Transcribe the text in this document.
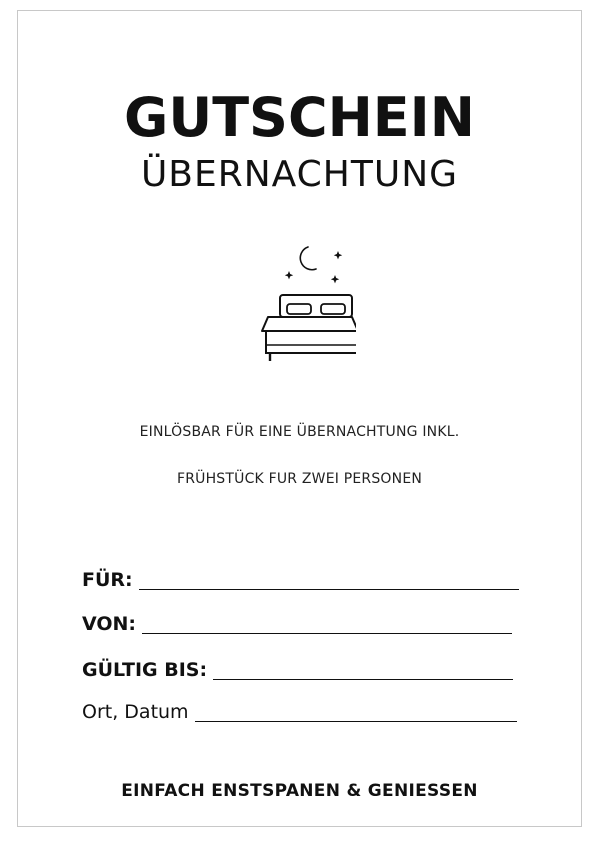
GUTSCHEIN
ÜBERNACHTUNG
EINLÖSBAR FÜR EINE ÜBERNACHTUNG INKL.
FRÜHSTÜCK FUR ZWEI PERSONEN
FÜR:
VON:
GÜLTIG BIS:
Ort, Datum
EINFACH ENSTSPANEN & GENIESSEN
